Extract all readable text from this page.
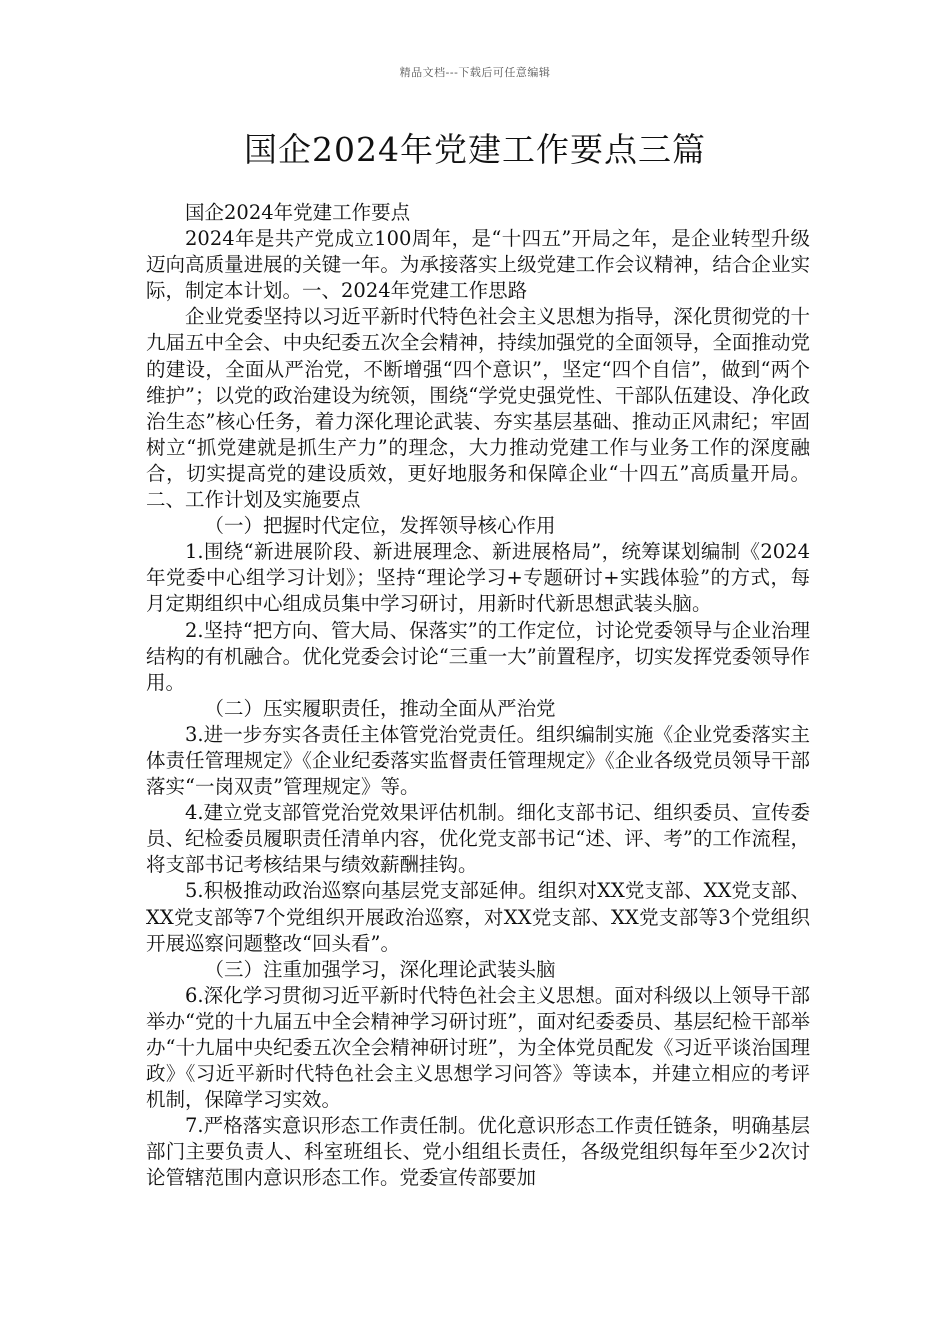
精品文档---下载后可任意编辑
国企2024年党建工作要点三篇

国企2024年党建工作要点

2024年是共产党成立100周年，是“十四五”开局之年，是企业转型升级迈向高质量进展的关键一年。为承接落实上级党建工作会议精神，结合企业实际，制定本计划。一、2024年党建工作思路

企业党委坚持以习近平新时代特色社会主义思想为指导，深化贯彻党的十九届五中全会、中央纪委五次全会精神，持续加强党的全面领导，全面推动党的建设，全面从严治党，不断增强“四个意识”，坚定“四个自信”，做到“两个维护”；以党的政治建设为统领，围绕“学党史强党性、干部队伍建设、净化政治生态”核心任务，着力深化理论武装、夯实基层基础、推动正风肃纪；牢固树立“抓党建就是抓生产力”的理念，大力推动党建工作与业务工作的深度融合，切实提高党的建设质效，更好地服务和保障企业“十四五”高质量开局。二、工作计划及实施要点

（一）把握时代定位，发挥领导核心作用

1.围绕“新进展阶段、新进展理念、新进展格局”，统筹谋划编制《2024年党委中心组学习计划》；坚持“理论学习+专题研讨+实践体验”的方式，每月定期组织中心组成员集中学习研讨，用新时代新思想武装头脑。

2.坚持“把方向、管大局、保落实”的工作定位，讨论党委领导与企业治理结构的有机融合。优化党委会讨论“三重一大”前置程序，切实发挥党委领导作用。

（二）压实履职责任，推动全面从严治党

3.进一步夯实各责任主体管党治党责任。组织编制实施《企业党委落实主体责任管理规定》《企业纪委落实监督责任管理规定》《企业各级党员领导干部落实“一岗双责”管理规定》等。

4.建立党支部管党治党效果评估机制。细化支部书记、组织委员、宣传委员、纪检委员履职责任清单内容，优化党支部书记“述、评、考”的工作流程，将支部书记考核结果与绩效薪酬挂钩。

5.积极推动政治巡察向基层党支部延伸。组织对XX党支部、XX党支部、XX党支部等7个党组织开展政治巡察，对XX党支部、XX党支部等3个党组织开展巡察问题整改“回头看”。

（三）注重加强学习，深化理论武装头脑

6.深化学习贯彻习近平新时代特色社会主义思想。面对科级以上领导干部举办“党的十九届五中全会精神学习研讨班”，面对纪委委员、基层纪检干部举办“十九届中央纪委五次全会精神研讨班”，为全体党员配发《习近平谈治国理政》《习近平新时代特色社会主义思想学习问答》等读本，并建立相应的考评机制，保障学习实效。

7.严格落实意识形态工作责任制。优化意识形态工作责任链条，明确基层部门主要负责人、科室班组长、党小组组长责任，各级党组织每年至少2次讨论管辖范围内意识形态工作。党委宣传部要加
